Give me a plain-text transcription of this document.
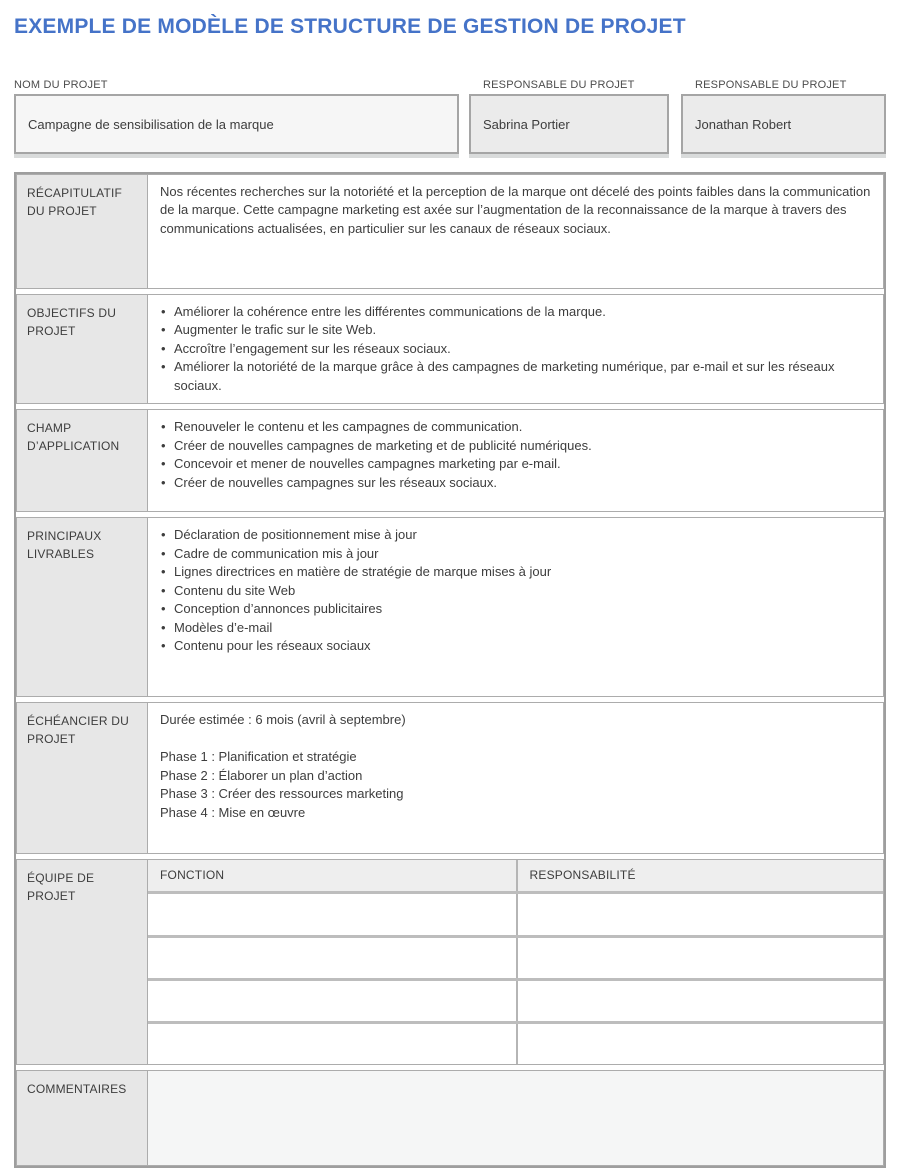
EXEMPLE DE MODÈLE DE STRUCTURE DE GESTION DE PROJET
NOM DU PROJET	RESPONSABLE DU PROJET	RESPONSABLE DU PROJET
Campagne de sensibilisation de la marque	Sabrina Portier	Jonathan Robert
RÉCAPITULATIF DU PROJET

Nos récentes recherches sur la notoriété et la perception de la marque ont décelé des points faibles dans la communication de la marque. Cette campagne marketing est axée sur l’augmentation de la reconnaissance de la marque à travers des communications actualisées, en particulier sur les canaux de réseaux sociaux.

OBJECTIFS DU PROJET
• Améliorer la cohérence entre les différentes communications de la marque.
• Augmenter le trafic sur le site Web.
• Accroître l’engagement sur les réseaux sociaux.
• Améliorer la notoriété de la marque grâce à des campagnes de marketing numérique, par e-mail et sur les réseaux sociaux.
CHAMP D’APPLICATION
• Renouveler le contenu et les campagnes de communication.
• Créer de nouvelles campagnes de marketing et de publicité numériques.
• Concevoir et mener de nouvelles campagnes marketing par e-mail.
• Créer de nouvelles campagnes sur les réseaux sociaux.
PRINCIPAUX LIVRABLES
• Déclaration de positionnement mise à jour
• Cadre de communication mis à jour
• Lignes directrices en matière de stratégie de marque mises à jour
• Contenu du site Web
• Conception d’annonces publicitaires
• Modèles d’e-mail
• Contenu pour les réseaux sociaux
ÉCHÉANCIER DU PROJET
Durée estimée : 6 mois (avril à septembre)
Phase 1 : Planification et stratégie
Phase 2 : Élaborer un plan d’action
Phase 3 : Créer des ressources marketing
Phase 4 : Mise en œuvre
ÉQUIPE DE PROJET
FONCTION	RESPONSABILITÉ
COMMENTAIRES
